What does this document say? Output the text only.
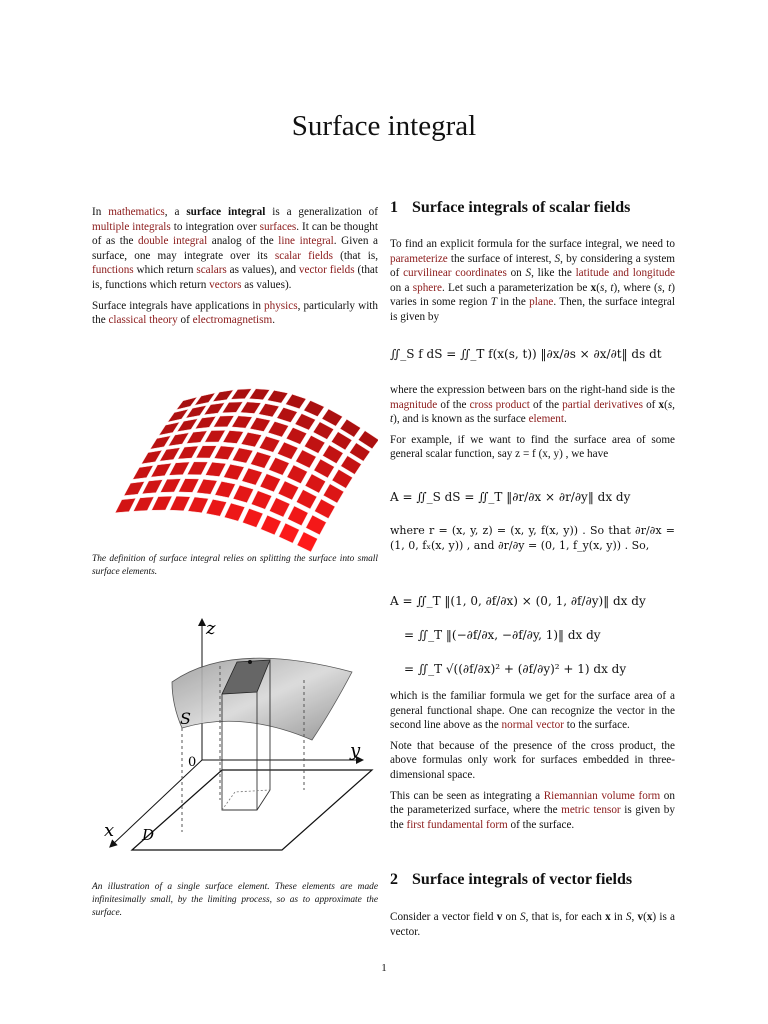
Surface integral

In mathematics, a surface integral is a generalization of multiple integrals to integration over surfaces. It can be thought of as the double integral analog of the line integral. Given a surface, one may integrate over its scalar fields (that is, functions which return scalars as values), and vector fields (that is, functions which return vectors as values).

Surface integrals have applications in physics, particularly with the classical theory of electromagnetism.

The definition of surface integral relies on splitting the surface into small surface elements.
z
y
x
S
D
0
An illustration of a single surface element. These elements are made infinitesimally small, by the limiting process, so as to approximate the surface.
1 Surface integrals of scalar fields

To find an explicit formula for the surface integral, we need to parameterize the surface of interest, S, by considering a system of curvilinear coordinates on S, like the latitude and longitude on a sphere. Let such a parameterization be x(s, t), where (s, t) varies in some region T in the plane. Then, the surface integral is given by

∬_S f dS = ∬_T f(x(s, t)) ‖∂x/∂s × ∂x/∂t‖ ds dt

where the expression between bars on the right-hand side is the magnitude of the cross product of the partial derivatives of x(s, t), and is known as the surface element.

For example, if we want to find the surface area of some general scalar function, say z = f (x, y) , we have

A = ∬_S dS = ∬_T ‖∂r/∂x × ∂r/∂y‖ dx dy

where r = (x, y, z) = (x, y, f(x, y)) . So that ∂r/∂x = (1, 0, fₓ(x, y)) , and ∂r/∂y = (0, 1, f_y(x, y)) . So,

A = ∬_T ‖(1, 0, ∂f/∂x) × (0, 1, ∂f/∂y)‖ dx dy
= ∬_T ‖(−∂f/∂x, −∂f/∂y, 1)‖ dx dy
= ∬_T √((∂f/∂x)² + (∂f/∂y)² + 1) dx dy

which is the familiar formula we get for the surface area of a general functional shape. One can recognize the vector in the second line above as the normal vector to the surface.

Note that because of the presence of the cross product, the above formulas only work for surfaces embedded in three-dimensional space.

This can be seen as integrating a Riemannian volume form on the parameterized surface, where the metric tensor is given by the first fundamental form of the surface.

2 Surface integrals of vector fields

Consider a vector field v on S, that is, for each x in S, v(x) is a vector.

1
